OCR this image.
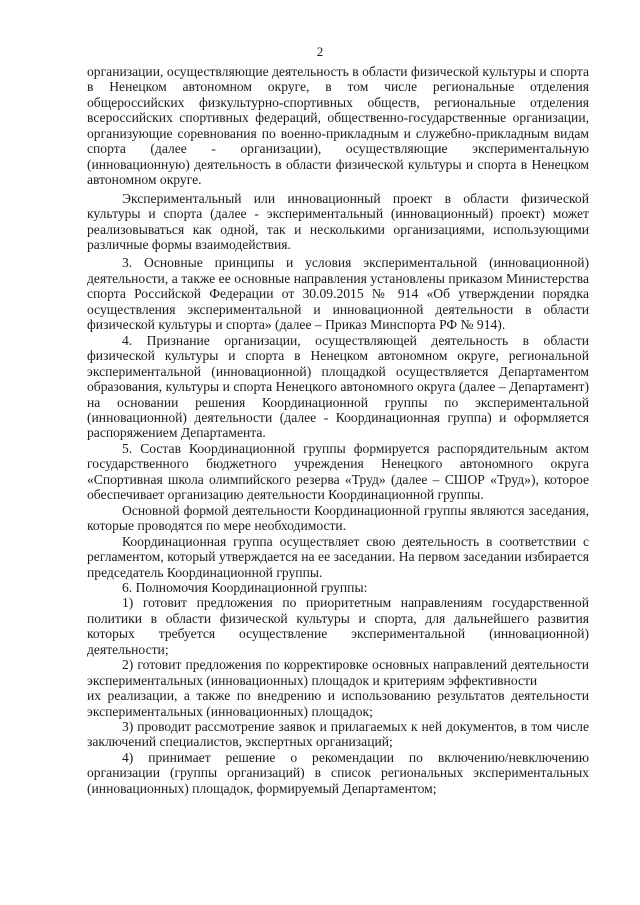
2

организации, осуществляющие деятельность в области физической культуры и спорта в Ненецком автономном округе, в том числе региональные отделения общероссийских физкультурно-спортивных обществ, региональные отделения всероссийских спортивных федераций, общественно-государственные организации, организующие соревнования по военно-прикладным и служебно-прикладным видам спорта (далее - организации), осуществляющие экспериментальную (инновационную) деятельность в области физической культуры и спорта в Ненецком автономном округе.

Экспериментальный или инновационный проект в области физической культуры и спорта (далее - экспериментальный (инновационный) проект) может реализовываться как одной, так и несколькими организациями, использующими различные формы взаимодействия.

3. Основные принципы и условия экспериментальной (инновационной) деятельности, а также ее основные направления установлены приказом Министерства спорта Российской Федерации от 30.09.2015 № 914 «Об утверждении порядка осуществления экспериментальной и инновационной деятельности в области физической культуры и спорта» (далее – Приказ Минспорта РФ № 914).

4. Признание организации, осуществляющей деятельность в области физической культуры и спорта в Ненецком автономном округе, региональной экспериментальной (инновационной) площадкой осуществляется Департаментом образования, культуры и спорта Ненецкого автономного округа (далее – Департамент) на основании решения Координационной группы по экспериментальной (инновационной) деятельности (далее - Координационная группа) и оформляется распоряжением Департамента.

5. Состав Координационной группы формируется распорядительным актом государственного бюджетного учреждения Ненецкого автономного округа «Спортивная школа олимпийского резерва «Труд» (далее – СШОР «Труд»), которое обеспечивает организацию деятельности Координационной группы.

Основной формой деятельности Координационной группы являются заседания, которые проводятся по мере необходимости.

Координационная группа осуществляет свою деятельность в соответствии с регламентом, который утверждается на ее заседании. На первом заседании избирается председатель Координационной группы.

6. Полномочия Координационной группы:

1) готовит предложения по приоритетным направлениям государственной политики в области физической культуры и спорта, для дальнейшего развития которых требуется осуществление экспериментальной (инновационной) деятельности;

2) готовит предложения по корректировке основных направлений деятельности экспериментальных (инновационных) площадок и критериям эффективности

их реализации, а также по внедрению и использованию результатов деятельности экспериментальных (инновационных) площадок;

3) проводит рассмотрение заявок и прилагаемых к ней документов, в том числе заключений специалистов, экспертных организаций;

4) принимает решение о рекомендации по включению/невключению организации (группы организаций) в список региональных экспериментальных (инновационных) площадок, формируемый Департаментом;
